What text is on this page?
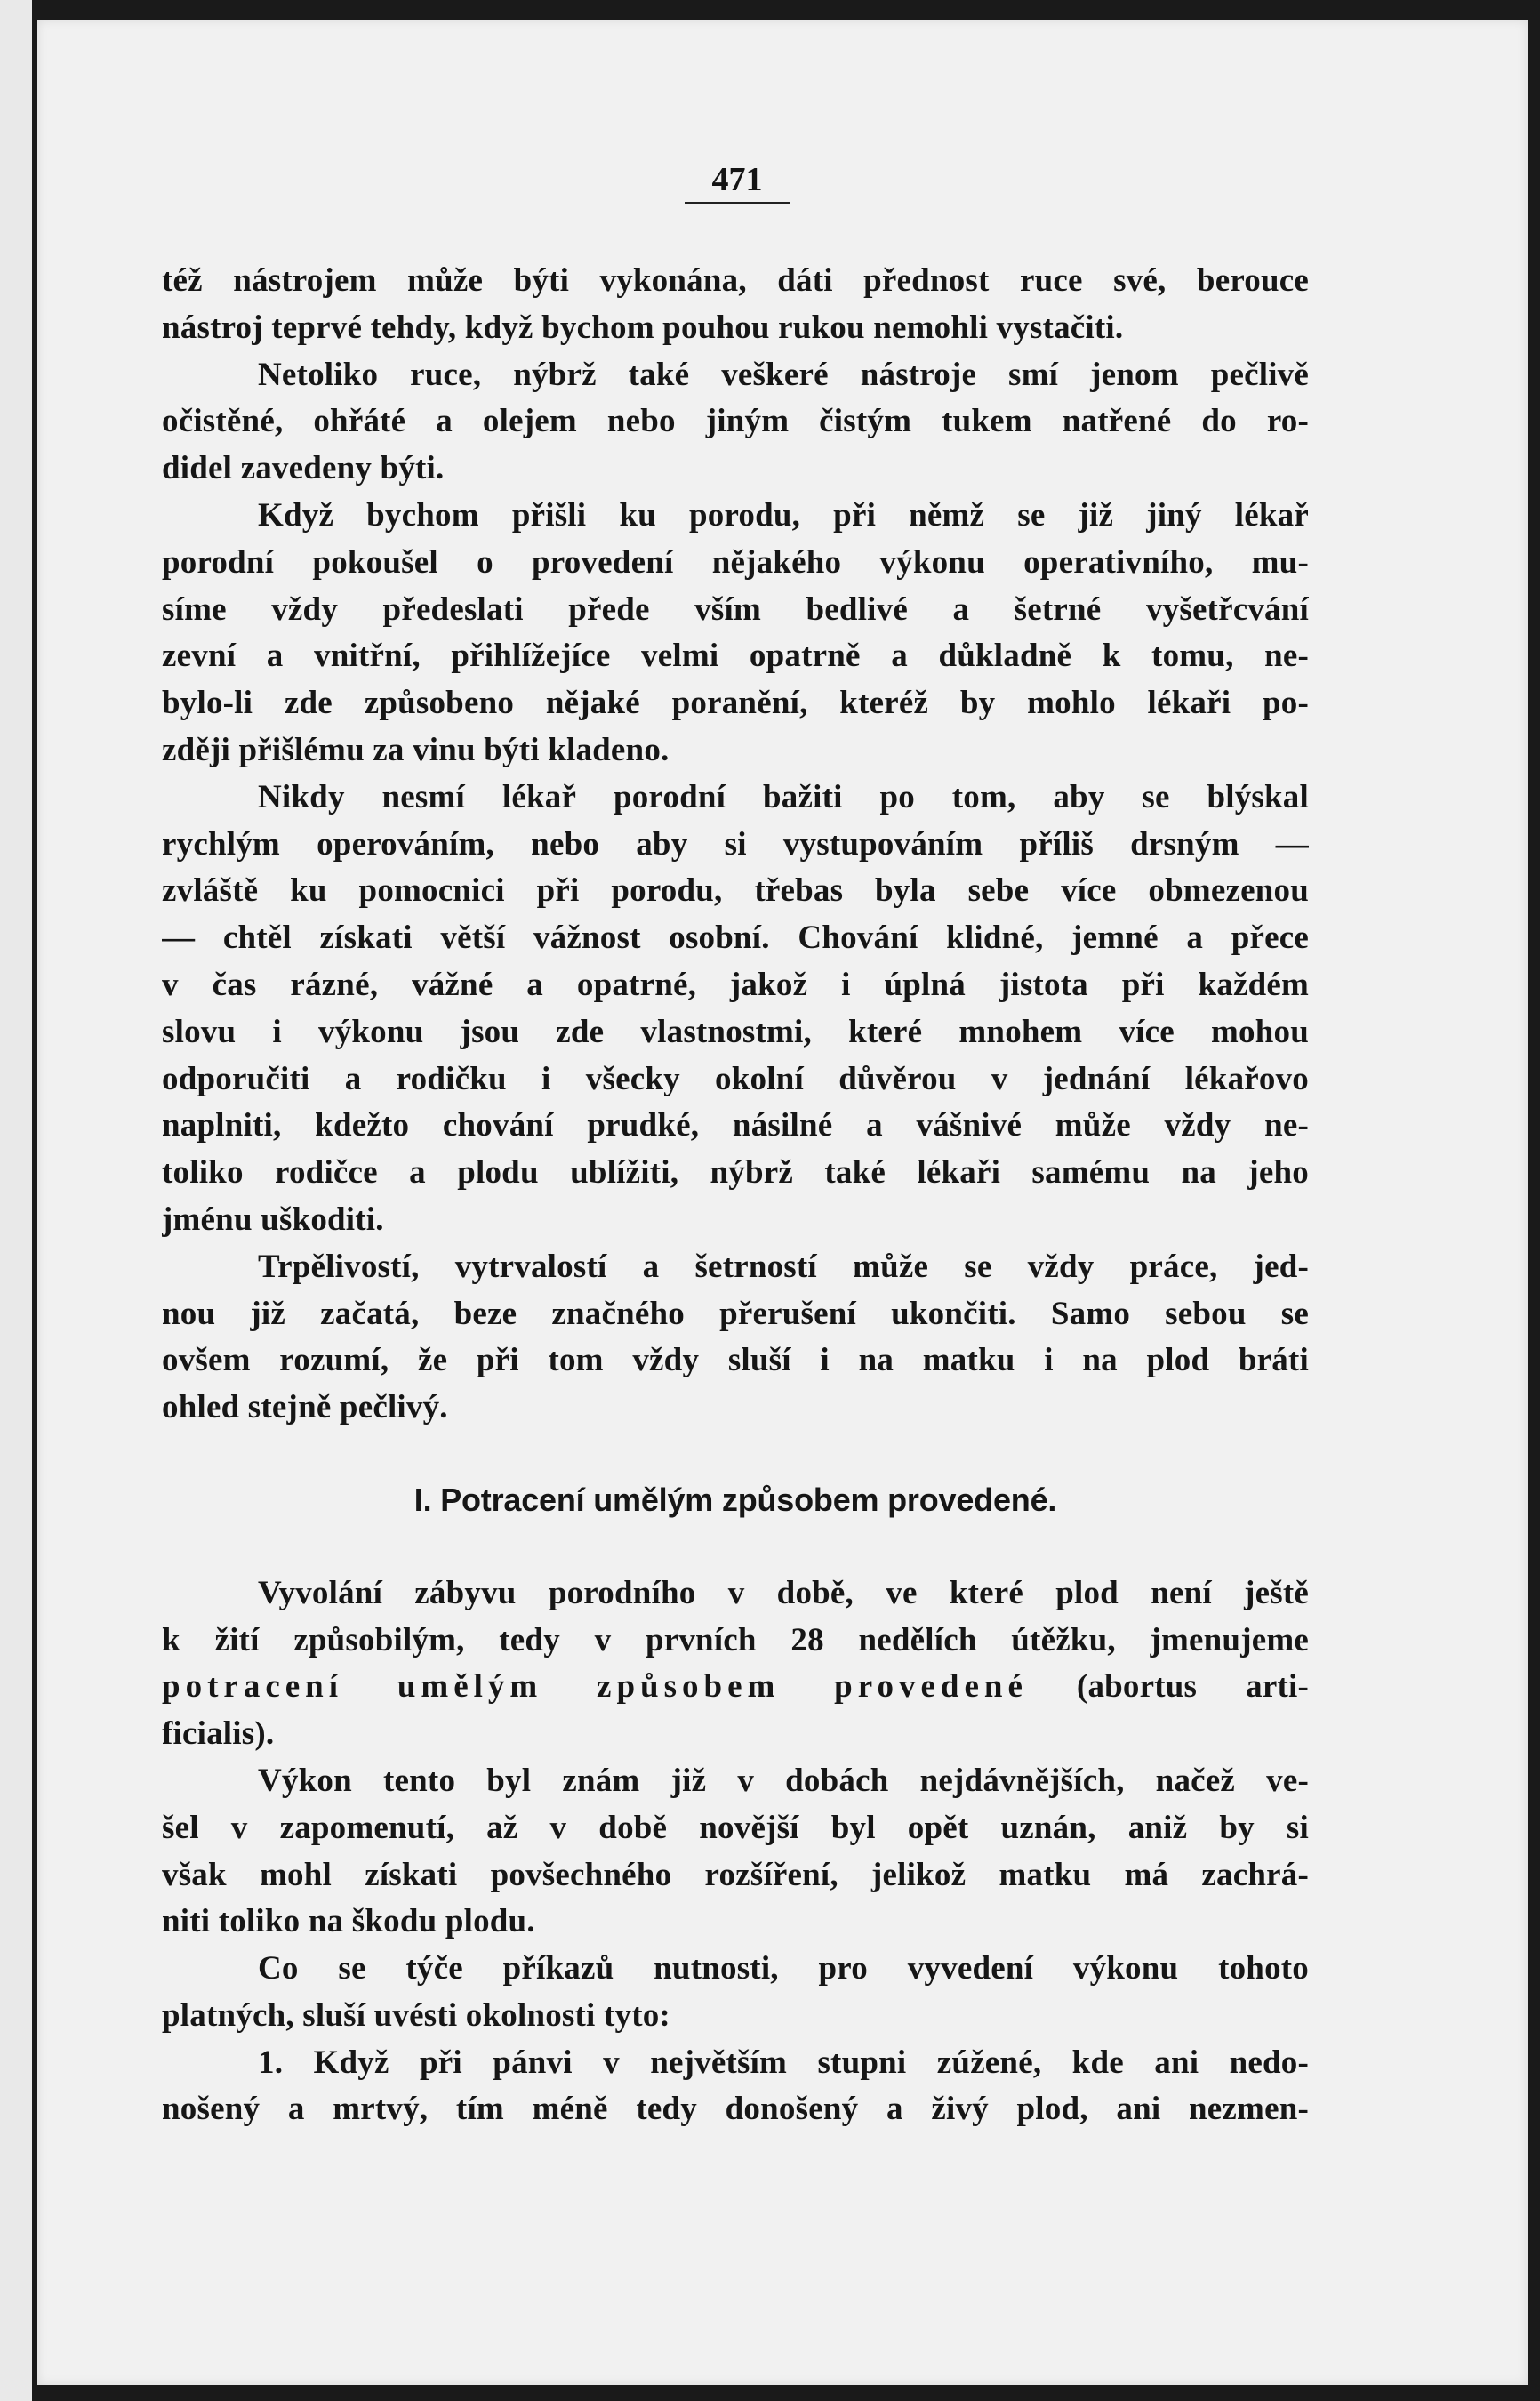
471
též nástrojem může býti vykonána, dáti přednost ruce své, berouce
nástroj teprvé tehdy, když bychom pouhou rukou nemohli vystačiti.
Netoliko ruce, nýbrž také veškeré nástroje smí jenom pečlivě
očistěné, ohřáté a olejem nebo jiným čistým tukem natřené do ro-
didel zavedeny býti.
Když bychom přišli ku porodu, při němž se již jiný lékař
porodní pokoušel o provedení nějakého výkonu operativního, mu-
síme vždy předeslati přede vším bedlivé a šetrné vyšetřcvání
zevní a vnitřní, přihlížejíce velmi opatrně a důkladně k tomu, ne-
bylo-li zde způsobeno nějaké poranění, kteréž by mohlo lékaři po-
zději přišlému za vinu býti kladeno.
Nikdy nesmí lékař porodní bažiti po tom, aby se blýskal
rychlým operováním, nebo aby si vystupováním příliš drsným —
zvláště ku pomocnici při porodu, třebas byla sebe více obmezenou
— chtěl získati větší vážnost osobní. Chování klidné, jemné a přece
v čas rázné, vážné a opatrné, jakož i úplná jistota při každém
slovu i výkonu jsou zde vlastnostmi, které mnohem více mohou
odporučiti a rodičku i všecky okolní důvěrou v jednání lékařovo
naplniti, kdežto chování prudké, násilné a vášnivé může vždy ne-
toliko rodičce a plodu ublížiti, nýbrž také lékaři samému na jeho
jménu uškoditi.
Trpělivostí, vytrvalostí a šetrností může se vždy práce, jed-
nou již začatá, beze značného přerušení ukončiti. Samo sebou se
ovšem rozumí, že při tom vždy sluší i na matku i na plod bráti
ohled stejně pečlivý.
I. Potracení umělým způsobem provedené.
Vyvolání zábyvu porodního v době, ve které plod není ještě
k žití způsobilým, tedy v prvních 28 nedělích útěžku, jmenujeme
potracení umělým způsobem provedené (abortus arti-
ficialis).
Výkon tento byl znám již v dobách nejdávnějších, načež ve-
šel v zapomenutí, až v době novější byl opět uznán, aniž by si
však mohl získati povšechného rozšíření, jelikož matku má zachrá-
niti toliko na škodu plodu.
Co se týče příkazů nutnosti, pro vyvedení výkonu tohoto
platných, sluší uvésti okolnosti tyto:
1. Když při pánvi v největším stupni zúžené, kde ani nedo-
nošený a mrtvý, tím méně tedy donošený a živý plod, ani nezmen-
